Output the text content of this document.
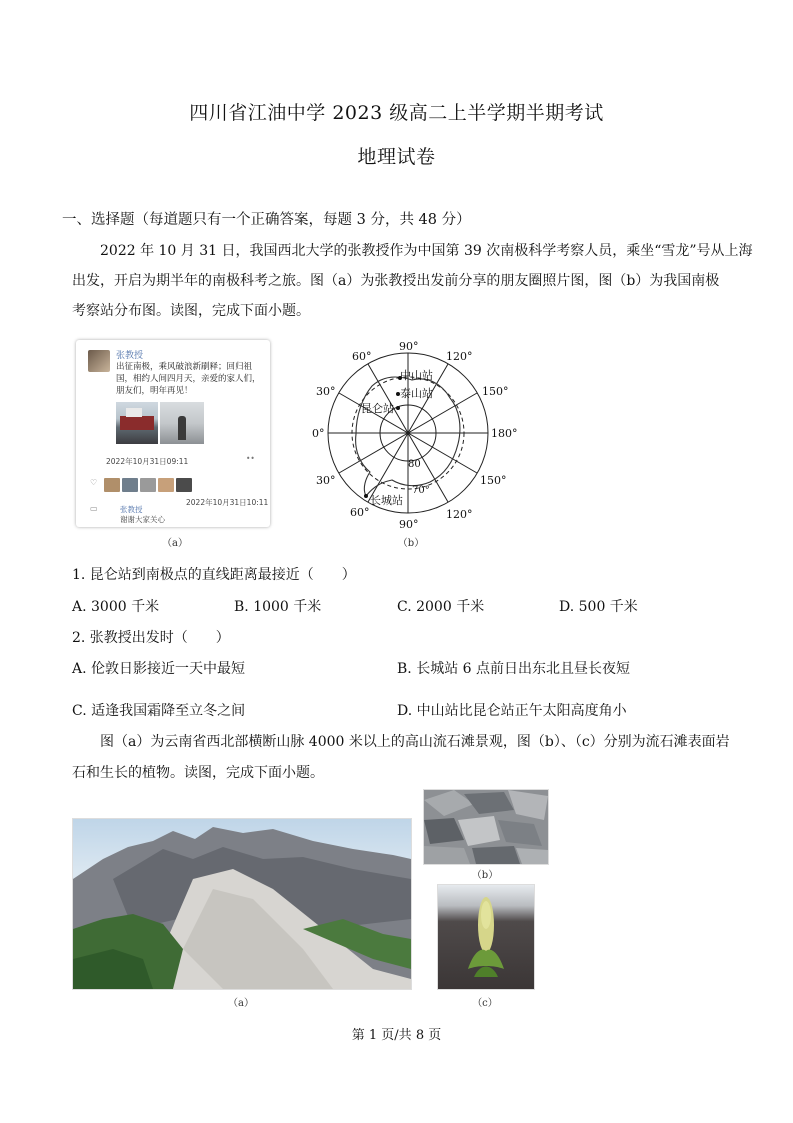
四川省江油中学 2023 级高二上半学期半期考试
地理试卷
一、选择题（每道题只有一个正确答案，每题 3 分，共 48 分）
2022 年 10 月 31 日，我国西北大学的张教授作为中国第 39 次南极科学考察人员，乘坐“雪龙”号从上海
出发，开启为期半年的南极科考之旅。图（a）为张教授出发前分享的朋友圈照片图，图（b）为我国南极
考察站分布图。读图，完成下面小题。
张教授
出征南极，乘风破浪新刷释；回归祖国，相约人间四月天，亲爱的家人们，朋友们，明年再见！
2022年10月31日09:11	••
♡
2022年10月31日10:11
▭	张教授
谢谢大家关心
（a）
90°
120°
150°
180°
150°
120°
90°
60°
30°
0°
30°
60°
80
70°
中山站
泰山站
昆仑站
长城站
（b）
1. 昆仑站到南极点的直线距离最接近（　　）
A. 3000 千米	B. 1000 千米	C. 2000 千米	D. 500 千米
2. 张教授出发时（　　）
A. 伦敦日影接近一天中最短	B. 长城站 6 点前日出东北且昼长夜短
C. 适逢我国霜降至立冬之间	D. 中山站比昆仑站正午太阳高度角小
图（a）为云南省西北部横断山脉 4000 米以上的高山流石滩景观，图（b）、（c）分别为流石滩表面岩
石和生长的植物。读图，完成下面小题。
（a）
（b）
（c）
第 1 页/共 8 页
